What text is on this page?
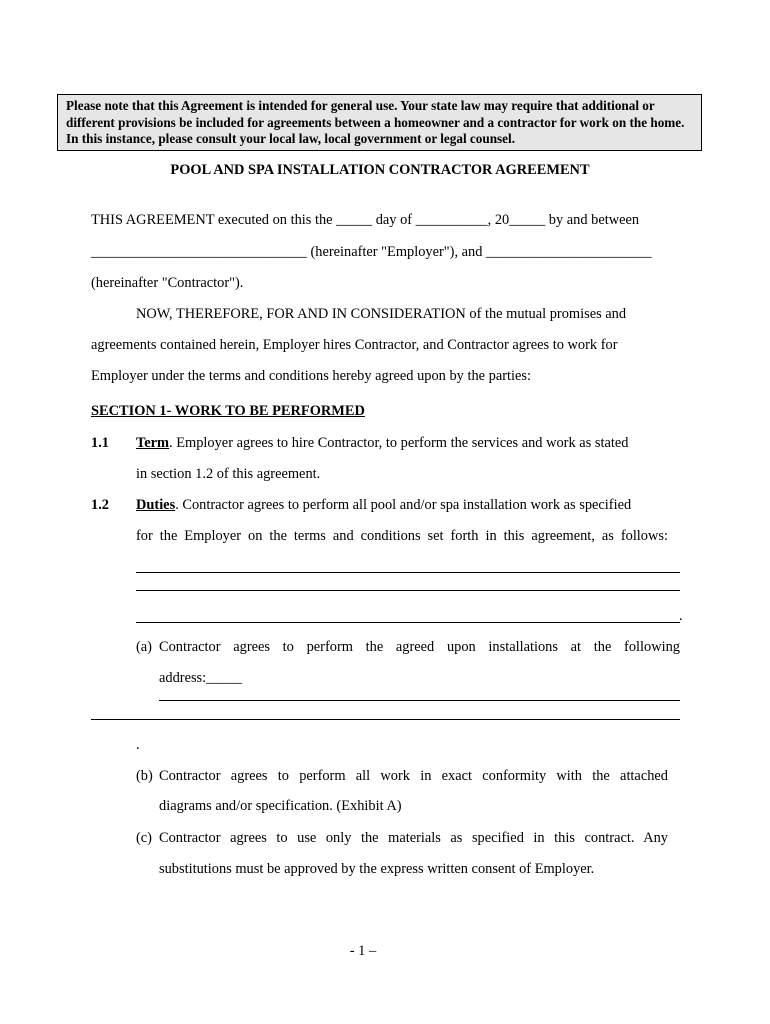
Please note that this Agreement is intended for general use. Your state law may require that additional or different provisions be included for agreements between a homeowner and a contractor for work on the home. In this instance, please consult your local law, local government or legal counsel.
POOL AND SPA INSTALLATION CONTRACTOR AGREEMENT
THIS AGREEMENT executed on this the _____ day of __________, 20_____ by and between
______________________________ (hereinafter "Employer"), and _______________________
(hereinafter "Contractor").
NOW, THEREFORE, FOR AND IN CONSIDERATION of the mutual promises and
agreements contained herein, Employer hires Contractor, and Contractor agrees to work for
Employer under the terms and conditions hereby agreed upon by the parties:
SECTION 1- WORK TO BE PERFORMED
1.1 Term. Employer agrees to hire Contractor, to perform the services and work as stated
in section 1.2 of this agreement.
1.2 Duties. Contractor agrees to perform all pool and/or spa installation work as specified
for the Employer on the terms and conditions set forth in this agreement, as follows:
.
(a) Contractor agrees to perform the agreed upon installations at the following
address:_____
.
(b) Contractor agrees to perform all work in exact conformity with the attached
diagrams and/or specification. (Exhibit A)
(c) Contractor agrees to use only the materials as specified in this contract. Any
substitutions must be approved by the express written consent of Employer.
- 1 –
